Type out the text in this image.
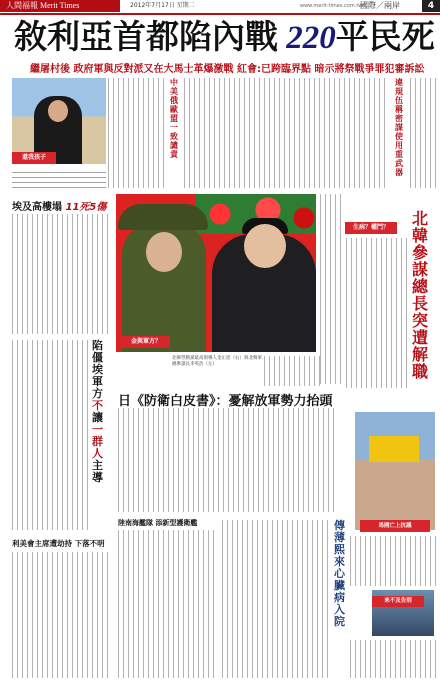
人間福報 Merit Times	2012年7月17日 星期二	www.merit-times.com.tw
國際／兩岸	4
敘利亞首都陷內戰 220平民死
繼屠村後 政府軍與反對派又在大馬士革爆激戰 紅會:已跨臨界點 暗示將祭戰爭罪犯審訴訟
還我孩子
中
美
俄
歐盟
一
致
譴
責
違
規
伍
稱
密
謀
使
用
重
武
器
埃及高樓塌 11死5傷
陷
僵
埃
軍
方
不
讓
一
群
人
主
導
利美會主席遭劫持 下落不明
金與軍方？
北韓勞動黨最高領導人金正恩（右）與北韓軍總參謀長李英浩（左）
日《防衛白皮書》：憂解放軍勢力抬頭
陸南海艦隊 添新型護衛艦
生病？權鬥？	北
韓
參
謀
總
長
突
遭
解
職
馬國亡上抗議
傳
薄
熙
來
心
臟
病
入
院
來不及告別
